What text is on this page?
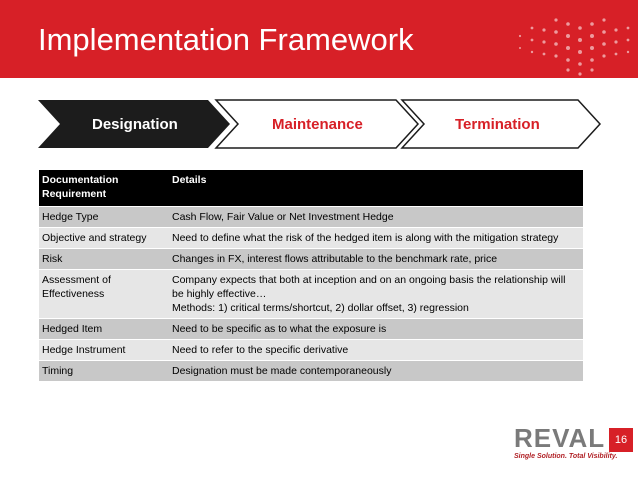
Implementation Framework
Designation	Maintenance	Termination
Documentation Requirement	Details
Hedge Type	Cash Flow, Fair Value or Net Investment Hedge
Objective and strategy	Need to define what the risk of the hedged item is along with the mitigation strategy
Risk	Changes in FX, interest flows attributable to the benchmark rate, price
Assessment of Effectiveness	Company expects that both at inception and on an ongoing basis the relationship will be highly effective…
Methods: 1) critical terms/shortcut, 2) dollar offset, 3) regression

Hedged Item	Need to be specific as to what the exposure is
Hedge Instrument	Need to refer to the specific derivative
Timing	Designation must be made contemporaneously
REVAL
Single Solution. Total Visibility.
16
